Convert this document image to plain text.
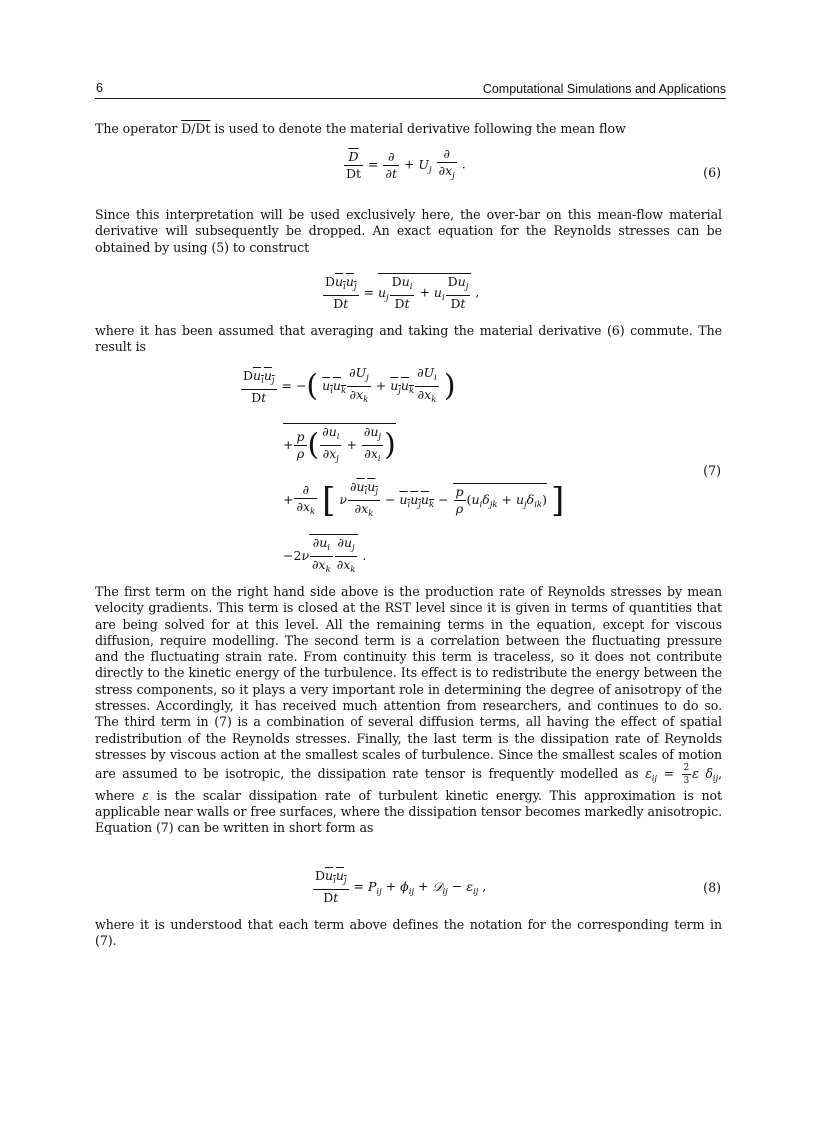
6	Computational Simulations and Applications
The operator D/Dt is used to denote the material derivative following the mean flow
$\frac{\overline{D}}{Dt} = \frac{\partial}{\partial t} + U_j \frac{\partial}{\partial x_j}$ .
(6)
Since this interpretation will be used exclusively here, the over-bar on this mean-flow material derivative will subsequently be dropped. An exact equation for the Reynolds stresses can be obtained by using (5) to construct
$\frac{Du_iu_j}{Dt} = u_j \frac{Du_i}{Dt} + u_i \frac{Du_j}{Dt}$ ,
where it has been assumed that averaging and taking the material derivative (6) commute. The result is
$\frac{Du_iu_j}{Dt}$ = −( $u_iu_k \frac{\partial U_j}{\partial x_k} + u_ju_k \frac{\partial U_i}{\partial x_k}$ )
+ $\frac{p}{\rho}$ ( $\frac{\partial u_i}{\partial x_j} + \frac{\partial u_j}{\partial x_i}$ )
+ $\frac{\partial}{\partial x_k}$ [ ν $\frac{\partial u_iu_j}{\partial x_k} - u_iu_ju_k - \frac{p}{\rho} (u_i\delta_{jk} + u_j\delta_{ik})$ ]
$-2\nu \frac{\partial u_i}{\partial x_k} \frac{\partial u_j}{\partial x_k}$ .
(7)
The first term on the right hand side above is the production rate of Reynolds stresses by mean velocity gradients. This term is closed at the RST level since it is given in terms of quantities that are being solved for at this level. All the remaining terms in the equation, except for viscous diffusion, require modelling. The second term is a correlation between the fluctuating pressure and the fluctuating strain rate. From continuity this term is traceless, so it does not contribute directly to the kinetic energy of the turbulence. Its effect is to redistribute the energy between the stress components, so it plays a very important role in determining the degree of anisotropy of the stresses. Accordingly, it has received much attention from researchers, and continues to do so. The third term in (7) is a combination of several diffusion terms, all having the effect of spatial redistribution of the Reynolds stresses. Finally, the last term is the dissipation rate of Reynolds stresses by viscous action at the smallest scales of turbulence. Since the smallest scales of motion are assumed to be isotropic, the dissipation rate tensor is frequently modelled as $\varepsilon_{ij} = \frac{2}{3}$ ε $\delta_{ij}$, where ε is the scalar dissipation rate of turbulent kinetic energy. This approximation is not applicable near walls or free surfaces, where the dissipation tensor becomes markedly anisotropic. Equation (7) can be written in short form as
$\frac{Du_iu_j}{Dt} = P_{ij} + \phi_{ij}$ + 𝒟$_{ij}$ − $\varepsilon_{ij}$ ,	(8)
where it is understood that each term above defines the notation for the corresponding term in (7).
